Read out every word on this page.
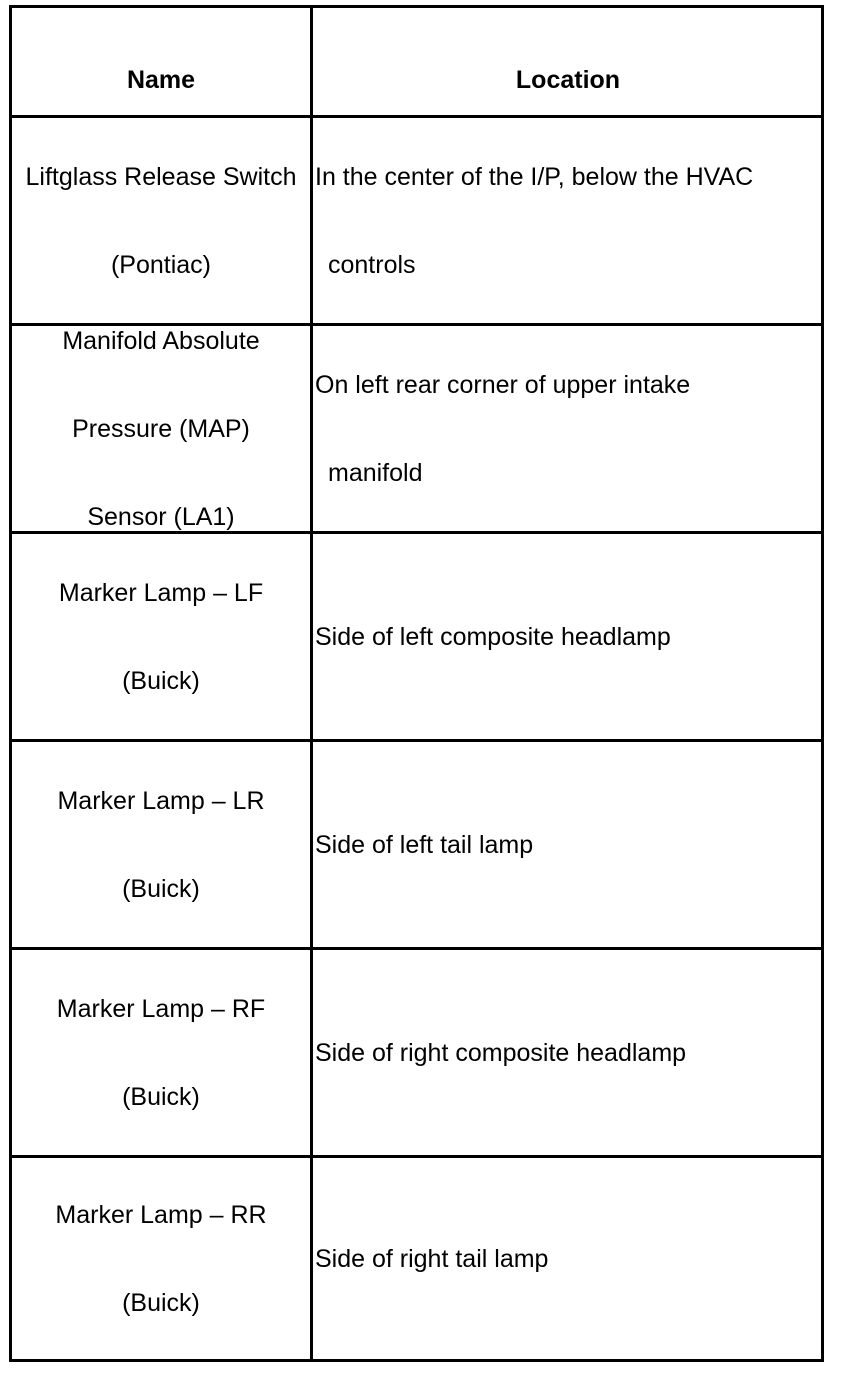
Name	Location

Liftglass Release Switch

(Pontiac)

In the center of the I/P, below the HVAC

controls

Manifold Absolute

Pressure (MAP)

Sensor (LA1)

On left rear corner of upper intake

manifold

Marker Lamp – LF

(Buick)

Side of left composite headlamp

Marker Lamp – LR

(Buick)

Side of left tail lamp

Marker Lamp – RF

(Buick)

Side of right composite headlamp

Marker Lamp – RR

(Buick)

Side of right tail lamp
